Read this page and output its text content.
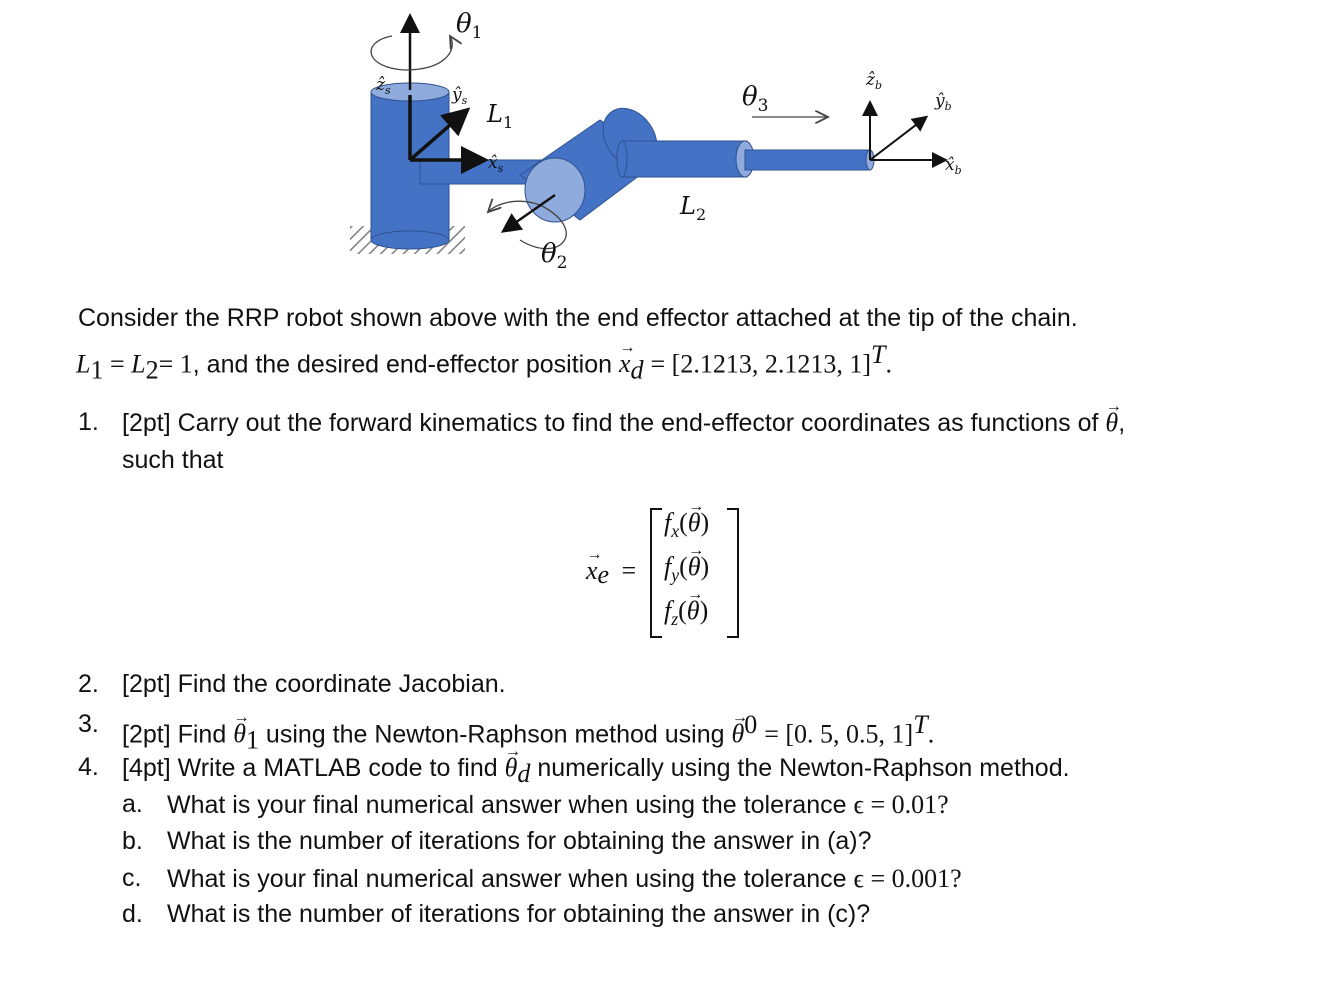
$\theta_1$
ẑ$_s$	$ŷ_s$ $L_1$
$x̂_s$
$\theta_2$
$L_2$
$\theta_3$
ẑ$_b$
$ŷ_b$
$x̂_b$
Consider the RRP robot shown above with the end effector attached at the tip of the chain.
$L_1 = L_2= 1$, and the desired end-effector position → $x_d = [2.1213$, 2.1213, 1]$^T$.
1. [2pt] Carry out the forward kinematics to find the end-effector coordinates as functions of → θ,
such that
→ $x_e$ =
$f_x(\to \theta)$
$f_y(\to \theta)$
$f_z(\to \theta)$
2. [2pt] Find the coordinate Jacobian.
3. [2pt] Find → $\theta_1$ using the Newton-Raphson method $using \to \theta^0 = [0$. 5, 0.5, 1]$^T$.
4. [4pt] Write a MATLAB code to find → $\theta_d$ numerically using the Newton-Raphson method.
a. What is your final numerical answer when using the tolerance ϵ = 0.01?
b. What is the number of iterations for obtaining the answer in (a)?
c. What is your final numerical answer when using the tolerance ϵ = 0.001?
d. What is the number of iterations for obtaining the answer in (c)?
